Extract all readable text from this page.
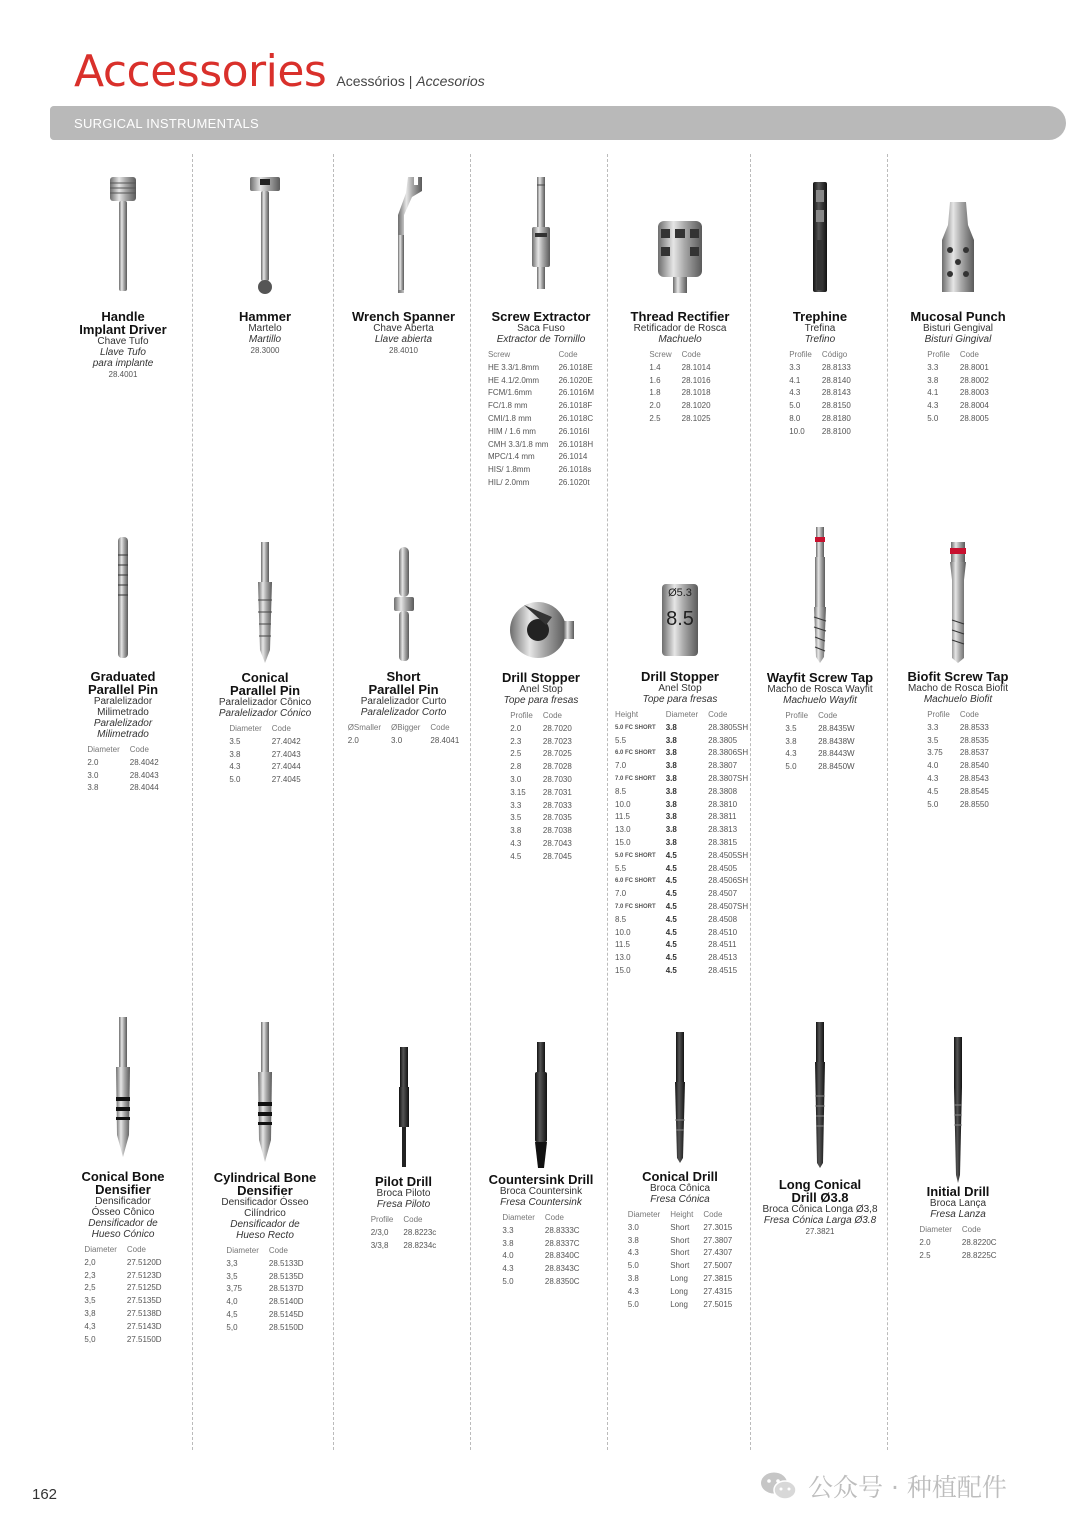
Accessories Acessórios | Accesorios
SURGICAL INSTRUMENTALS
Handle
Implant Driver
Chave Tufo
Llave Tufo
para implante
28.4001
Hammer
Martelo
Martillo
28.3000
Wrench Spanner
Chave Aberta
Llave abierta
28.4010
Screw Extractor
Saca Fuso
Extractor de Tornillo
Screw	Code
HE 3.3/1.8mm	26.1018E
HE 4.1/2.0mm	26.1020E
FCM/1.6mm	26.1016M
FC/1.8 mm	26.1018F
CMI/1.8 mm	26.1018C
HIM / 1.6 mm	26.1016I
CMH 3.3/1.8 mm	26.1018H
MPC/1.4 mm	26.1014
HIS/ 1.8mm	26.1018s
HIL/ 2.0mm	26.1020t
Thread Rectifier
Retificador de Rosca
Machuelo
Screw	Code
1.4	28.1014
1.6	28.1016
1.8	28.1018
2.0	28.1020
2.5	28.1025
Trephine
Trefina
Trefino
Profile	Código
3.3	28.8133
4.1	28.8140
4.3	28.8143
5.0	28.8150
8.0	28.8180
10.0	28.8100
Mucosal Punch
Bisturi Gengival
Bisturi Gingival
Profile	Code
3.3	28.8001
3.8	28.8002
4.1	28.8003
4.3	28.8004
5.0	28.8005
Graduated
Parallel Pin
Paralelizador
Milimetrado
Paralelizador
Milimetrado
Diameter	Code
2.0	28.4042
3.0	28.4043
3.8	28.4044
Conical
Parallel Pin
Paralelizador Cônico
Paralelizador Cónico
Diameter	Code
3.5	27.4042
3.8	27.4043
4.3	27.4044
5.0	27.4045
Short
Parallel Pin
Paralelizador Curto
Paralelizador Corto
ØSmaller	ØBigger	Code
2.0	3.0	28.4041
Drill Stopper
Anel Stop
Tope para fresas
Profile	Code
2.0	28.7020
2.3	28.7023
2.5	28.7025
2.8	28.7028
3.0	28.7030
3.15	28.7031
3.3	28.7033
3.5	28.7035
3.8	28.7038
4.3	28.7043
4.5	28.7045
Ø5.3
8.5
Drill Stopper
Anel Stop
Tope para fresas
Height	Diameter	Code
5.0 FC SHORT	3.8	28.3805SH
5.5	3.8	28.3805
6.0 FC SHORT	3.8	28.3806SH
7.0	3.8	28.3807
7.0 FC SHORT	3.8	28.3807SH
8.5	3.8	28.3808
10.0	3.8	28.3810
11.5	3.8	28.3811
13.0	3.8	28.3813
15.0	3.8	28.3815
5.0 FC SHORT	4.5	28.4505SH
5.5	4.5	28.4505
6.0 FC SHORT	4.5	28.4506SH
7.0	4.5	28.4507
7.0 FC SHORT	4.5	28.4507SH
8.5	4.5	28.4508
10.0	4.5	28.4510
11.5	4.5	28.4511
13.0	4.5	28.4513
15.0	4.5	28.4515
Wayfit Screw Tap
Macho de Rosca Wayfit
Machuelo Wayfit
Profile	Code
3.5	28.8435W
3.8	28.8438W
4.3	28.8443W
5.0	28.8450W
Biofit Screw Tap
Macho de Rosca Biofit
Machuelo Biofit
Profile	Code
3.3	28.8533
3.5	28.8535
3.75	28.8537
4.0	28.8540
4.3	28.8543
4.5	28.8545
5.0	28.8550
Conical Bone
Densifier
Densificador
Ósseo Cônico
Densificador de
Hueso Cónico
Diameter	Code
2,0	27.5120D
2,3	27.5123D
2,5	27.5125D
3,5	27.5135D
3,8	27.5138D
4,3	27.5143D
5,0	27.5150D
Cylindrical Bone
Densifier
Densificador Ósseo
Cilíndrico
Densificador de
Hueso Recto
Diameter	Code
3,3	28.5133D
3,5	28.5135D
3,75	28.5137D
4,0	28.5140D
4,5	28.5145D
5,0	28.5150D
Pilot Drill
Broca Piloto
Fresa Piloto
Profile	Code
2/3,0	28.8223c
3/3,8	28.8234c
Countersink Drill
Broca Countersink
Fresa Countersink
Diameter	Code
3.3	28.8333C
3.8	28.8337C
4.0	28.8340C
4.3	28.8343C
5.0	28.8350C
Conical Drill
Broca Cônica
Fresa Cónica
Diameter	Height	Code
3.0	Short	27.3015
3.8	Short	27.3807
4.3	Short	27.4307
5.0	Short	27.5007
3.8	Long	27.3815
4.3	Long	27.4315
5.0	Long	27.5015
Long Conical
Drill Ø3.8
Broca Cônica Longa Ø3,8
Fresa Cónica Larga Ø3.8
27.3821
Initial Drill
Broca Lança
Fresa Lanza
Diameter	Code
2.0	28.8220C
2.5	28.8225C
162	公众号 · 种植配件
